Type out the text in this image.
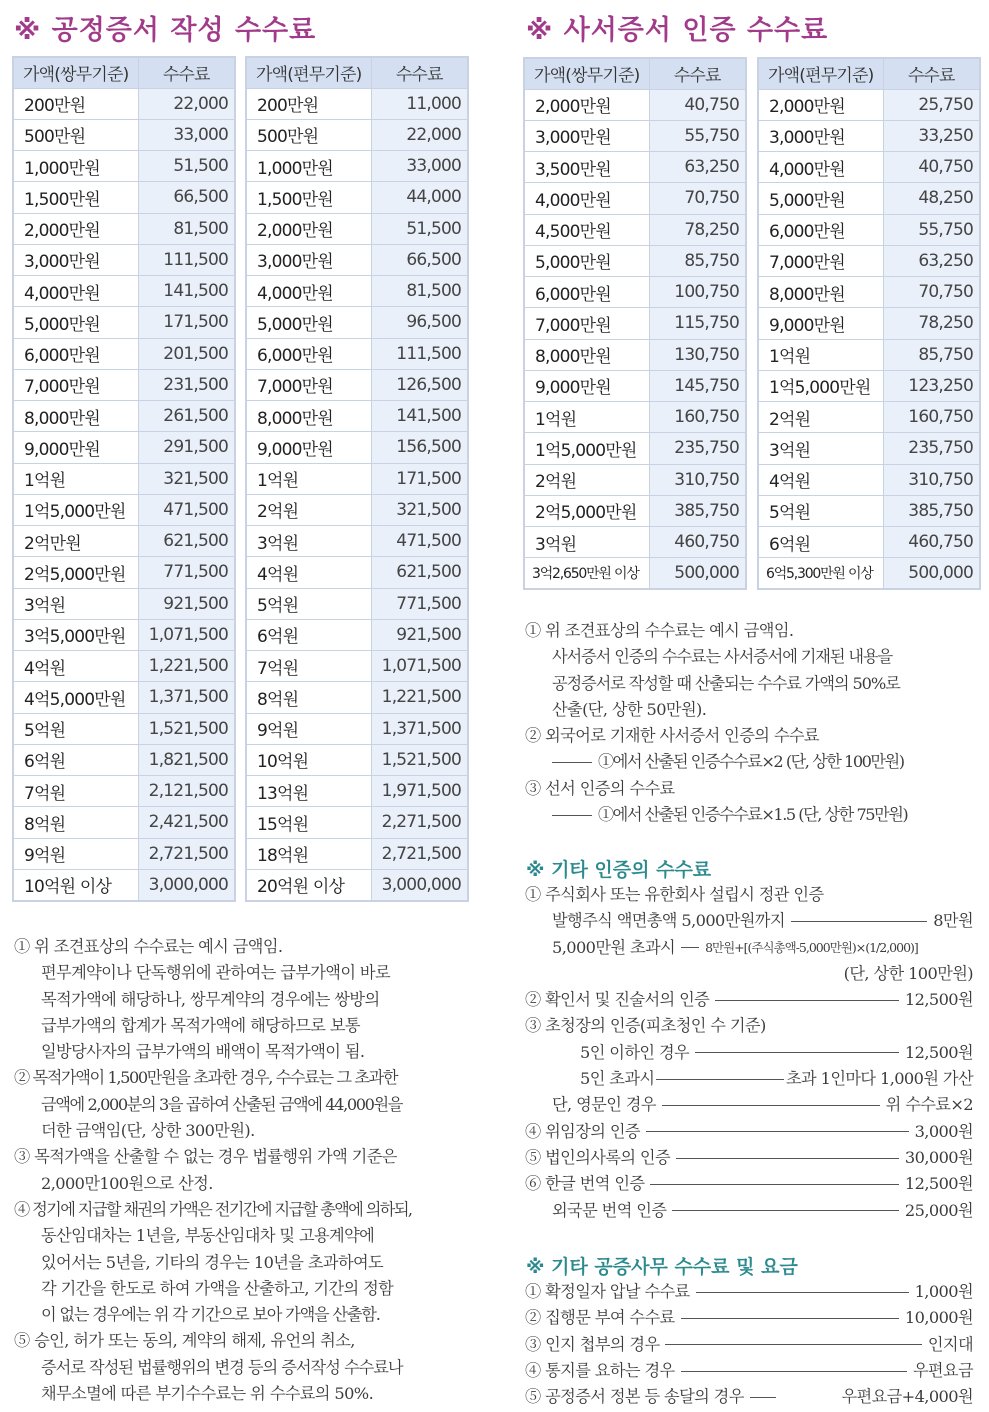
※ 공정증서 작성 수수료
가액(쌍무기준)	수수료
200만원	22,000
500만원	33,000
1,000만원	51,500
1,500만원	66,500
2,000만원	81,500
3,000만원	111,500
4,000만원	141,500
5,000만원	171,500
6,000만원	201,500
7,000만원	231,500
8,000만원	261,500
9,000만원	291,500
1억원	321,500
1억5,000만원	471,500
2억만원	621,500
2억5,000만원	771,500
3억원	921,500
3억5,000만원	1,071,500
4억원	1,221,500
4억5,000만원	1,371,500
5억원	1,521,500
6억원	1,821,500
7억원	2,121,500
8억원	2,421,500
9억원	2,721,500
10억원 이상	3,000,000
가액(편무기준)	수수료
200만원	11,000
500만원	22,000
1,000만원	33,000
1,500만원	44,000
2,000만원	51,500
3,000만원	66,500
4,000만원	81,500
5,000만원	96,500
6,000만원	111,500
7,000만원	126,500
8,000만원	141,500
9,000만원	156,500
1억원	171,500
2억원	321,500
3억원	471,500
4억원	621,500
5억원	771,500
6억원	921,500
7억원	1,071,500
8억원	1,221,500
9억원	1,371,500
10억원	1,521,500
13억원	1,971,500
15억원	2,271,500
18억원	2,721,500
20억원 이상	3,000,000
① 위 조견표상의 수수료는 예시 금액임.
편무계약이나 단독행위에 관하여는 급부가액이 바로
목적가액에 해당하나, 쌍무계약의 경우에는 쌍방의
급부가액의 합계가 목적가액에 해당하므로 보통
일방당사자의 급부가액의 배액이 목적가액이 됨.
② 목적가액이 1,500만원을 초과한 경우, 수수료는 그 초과한
금액에 2,000분의 3을 곱하여 산출된 금액에 44,000원을
더한 금액임(단, 상한 300만원).
③ 목적가액을 산출할 수 없는 경우 법률행위 가액 기준은
2,000만100원으로 산정.
④ 정기에 지급할 채권의 가액은 전기간에 지급할 총액에 의하되,
동산임대차는 1년을, 부동산임대차 및 고용계약에
있어서는 5년을, 기타의 경우는 10년을 초과하여도
각 기간을 한도로 하여 가액을 산출하고, 기간의 정함
이 없는 경우에는 위 각 기간으로 보아 가액을 산출함.
⑤ 승인, 허가 또는 동의, 계약의 해제, 유언의 취소,
증서로 작성된 법률행위의 변경 등의 증서작성 수수료나
채무소멸에 따른 부기수수료는 위 수수료의 50%.
※ 사서증서 인증 수수료
가액(쌍무기준)	수수료
2,000만원	40,750
3,000만원	55,750
3,500만원	63,250
4,000만원	70,750
4,500만원	78,250
5,000만원	85,750
6,000만원	100,750
7,000만원	115,750
8,000만원	130,750
9,000만원	145,750
1억원	160,750
1억5,000만원	235,750
2억원	310,750
2억5,000만원	385,750
3억원	460,750
3억2,650만원 이상	500,000
가액(편무기준)	수수료
2,000만원	25,750
3,000만원	33,250
4,000만원	40,750
5,000만원	48,250
6,000만원	55,750
7,000만원	63,250
8,000만원	70,750
9,000만원	78,250
1억원	85,750
1억5,000만원	123,250
2억원	160,750
3억원	235,750
4억원	310,750
5억원	385,750
6억원	460,750
6억5,300만원 이상	500,000
① 위 조견표상의 수수료는 예시 금액임.
사서증서 인증의 수수료는 사서증서에 기재된 내용을
공정증서로 작성할 때 산출되는 수수료 가액의 50%로
산출(단, 상한 50만원).
② 외국어로 기재한 사서증서 인증의 수수료
①에서 산출된 인증수수료×2 (단, 상한 100만원)
③ 선서 인증의 수수료
①에서 산출된 인증수수료×1.5 (단, 상한 75만원)
※ 기타 인증의 수수료
① 주식회사 또는 유한회사 설립시 정관 인증
발행주식 액면총액 5,000만원까지	8만원
5,000만원 초과시 8만원+[(주식총액-5,000만원)×(1/2,000)]
(단, 상한 100만원)
② 확인서 및 진술서의 인증	12,500원
③ 초청장의 인증(피초청인 수 기준)
5인 이하인 경우	12,500원
5인 초과시	초과 1인마다 1,000원 가산
단, 영문인 경우	위 수수료×2
④ 위임장의 인증	3,000원
⑤ 법인의사록의 인증	30,000원
⑥ 한글 번역 인증	12,500원
외국문 번역 인증	25,000원
※ 기타 공증사무 수수료 및 요금
① 확정일자 압날 수수료	1,000원
② 집행문 부여 수수료	10,000원
③ 인지 첩부의 경우	인지대
④ 통지를 요하는 경우	우편요금
⑤ 공정증서 정본 등 송달의 경우	우편요금+4,000원
